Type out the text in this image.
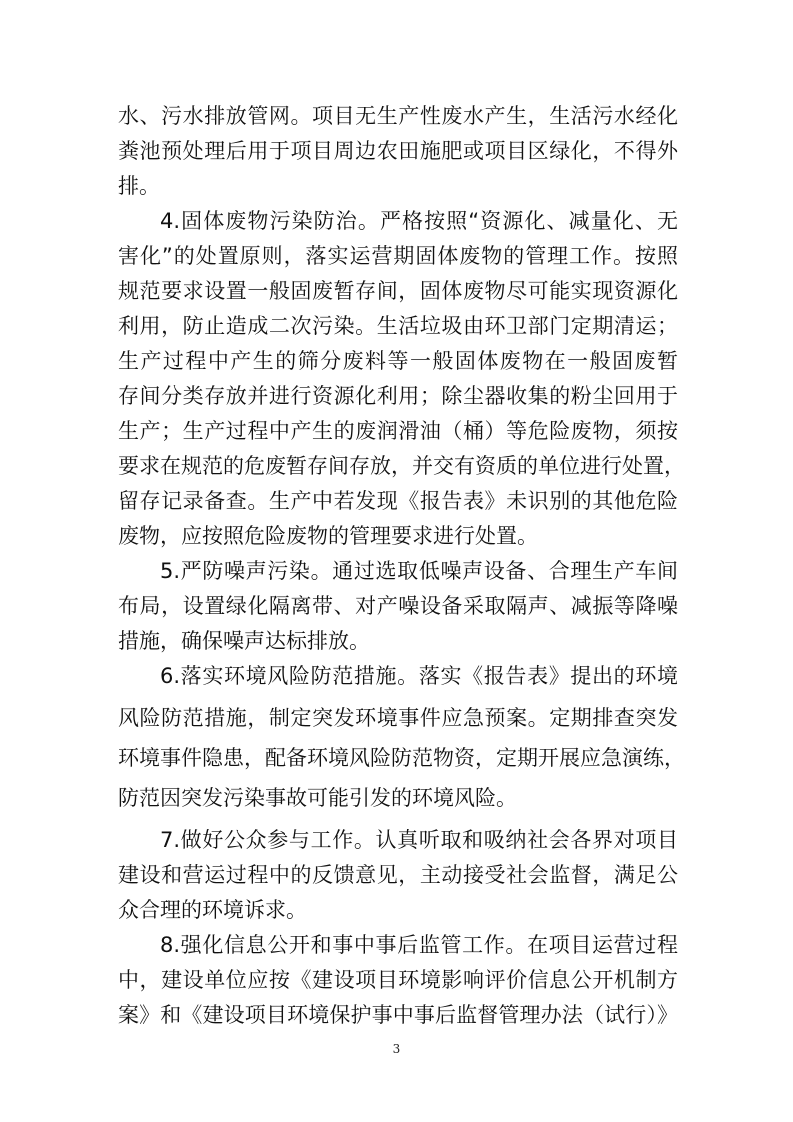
水、污水排放管网。项目无生产性废水产生，生活污水经化
粪池预处理后用于项目周边农田施肥或项目区绿化，不得外
排。
4.固体废物污染防治。严格按照“资源化、减量化、无
害化”的处置原则，落实运营期固体废物的管理工作。按照
规范要求设置一般固废暂存间，固体废物尽可能实现资源化
利用，防止造成二次污染。生活垃圾由环卫部门定期清运；
生产过程中产生的筛分废料等一般固体废物在一般固废暂
存间分类存放并进行资源化利用；除尘器收集的粉尘回用于
生产；生产过程中产生的废润滑油（桶）等危险废物，须按
要求在规范的危废暂存间存放，并交有资质的单位进行处置，
留存记录备查。生产中若发现《报告表》未识别的其他危险
废物，应按照危险废物的管理要求进行处置。
5.严防噪声污染。通过选取低噪声设备、合理生产车间
布局，设置绿化隔离带、对产噪设备采取隔声、减振等降噪
措施，确保噪声达标排放。
6.落实环境风险防范措施。落实《报告表》提出的环境
风险防范措施，制定突发环境事件应急预案。定期排查突发
环境事件隐患，配备环境风险防范物资，定期开展应急演练，
防范因突发污染事故可能引发的环境风险。
7.做好公众参与工作。认真听取和吸纳社会各界对项目
建设和营运过程中的反馈意见，主动接受社会监督，满足公
众合理的环境诉求。
8.强化信息公开和事中事后监管工作。在项目运营过程
中，建设单位应按《建设项目环境影响评价信息公开机制方
案》和《建设项目环境保护事中事后监督管理办法（试行）》
3
